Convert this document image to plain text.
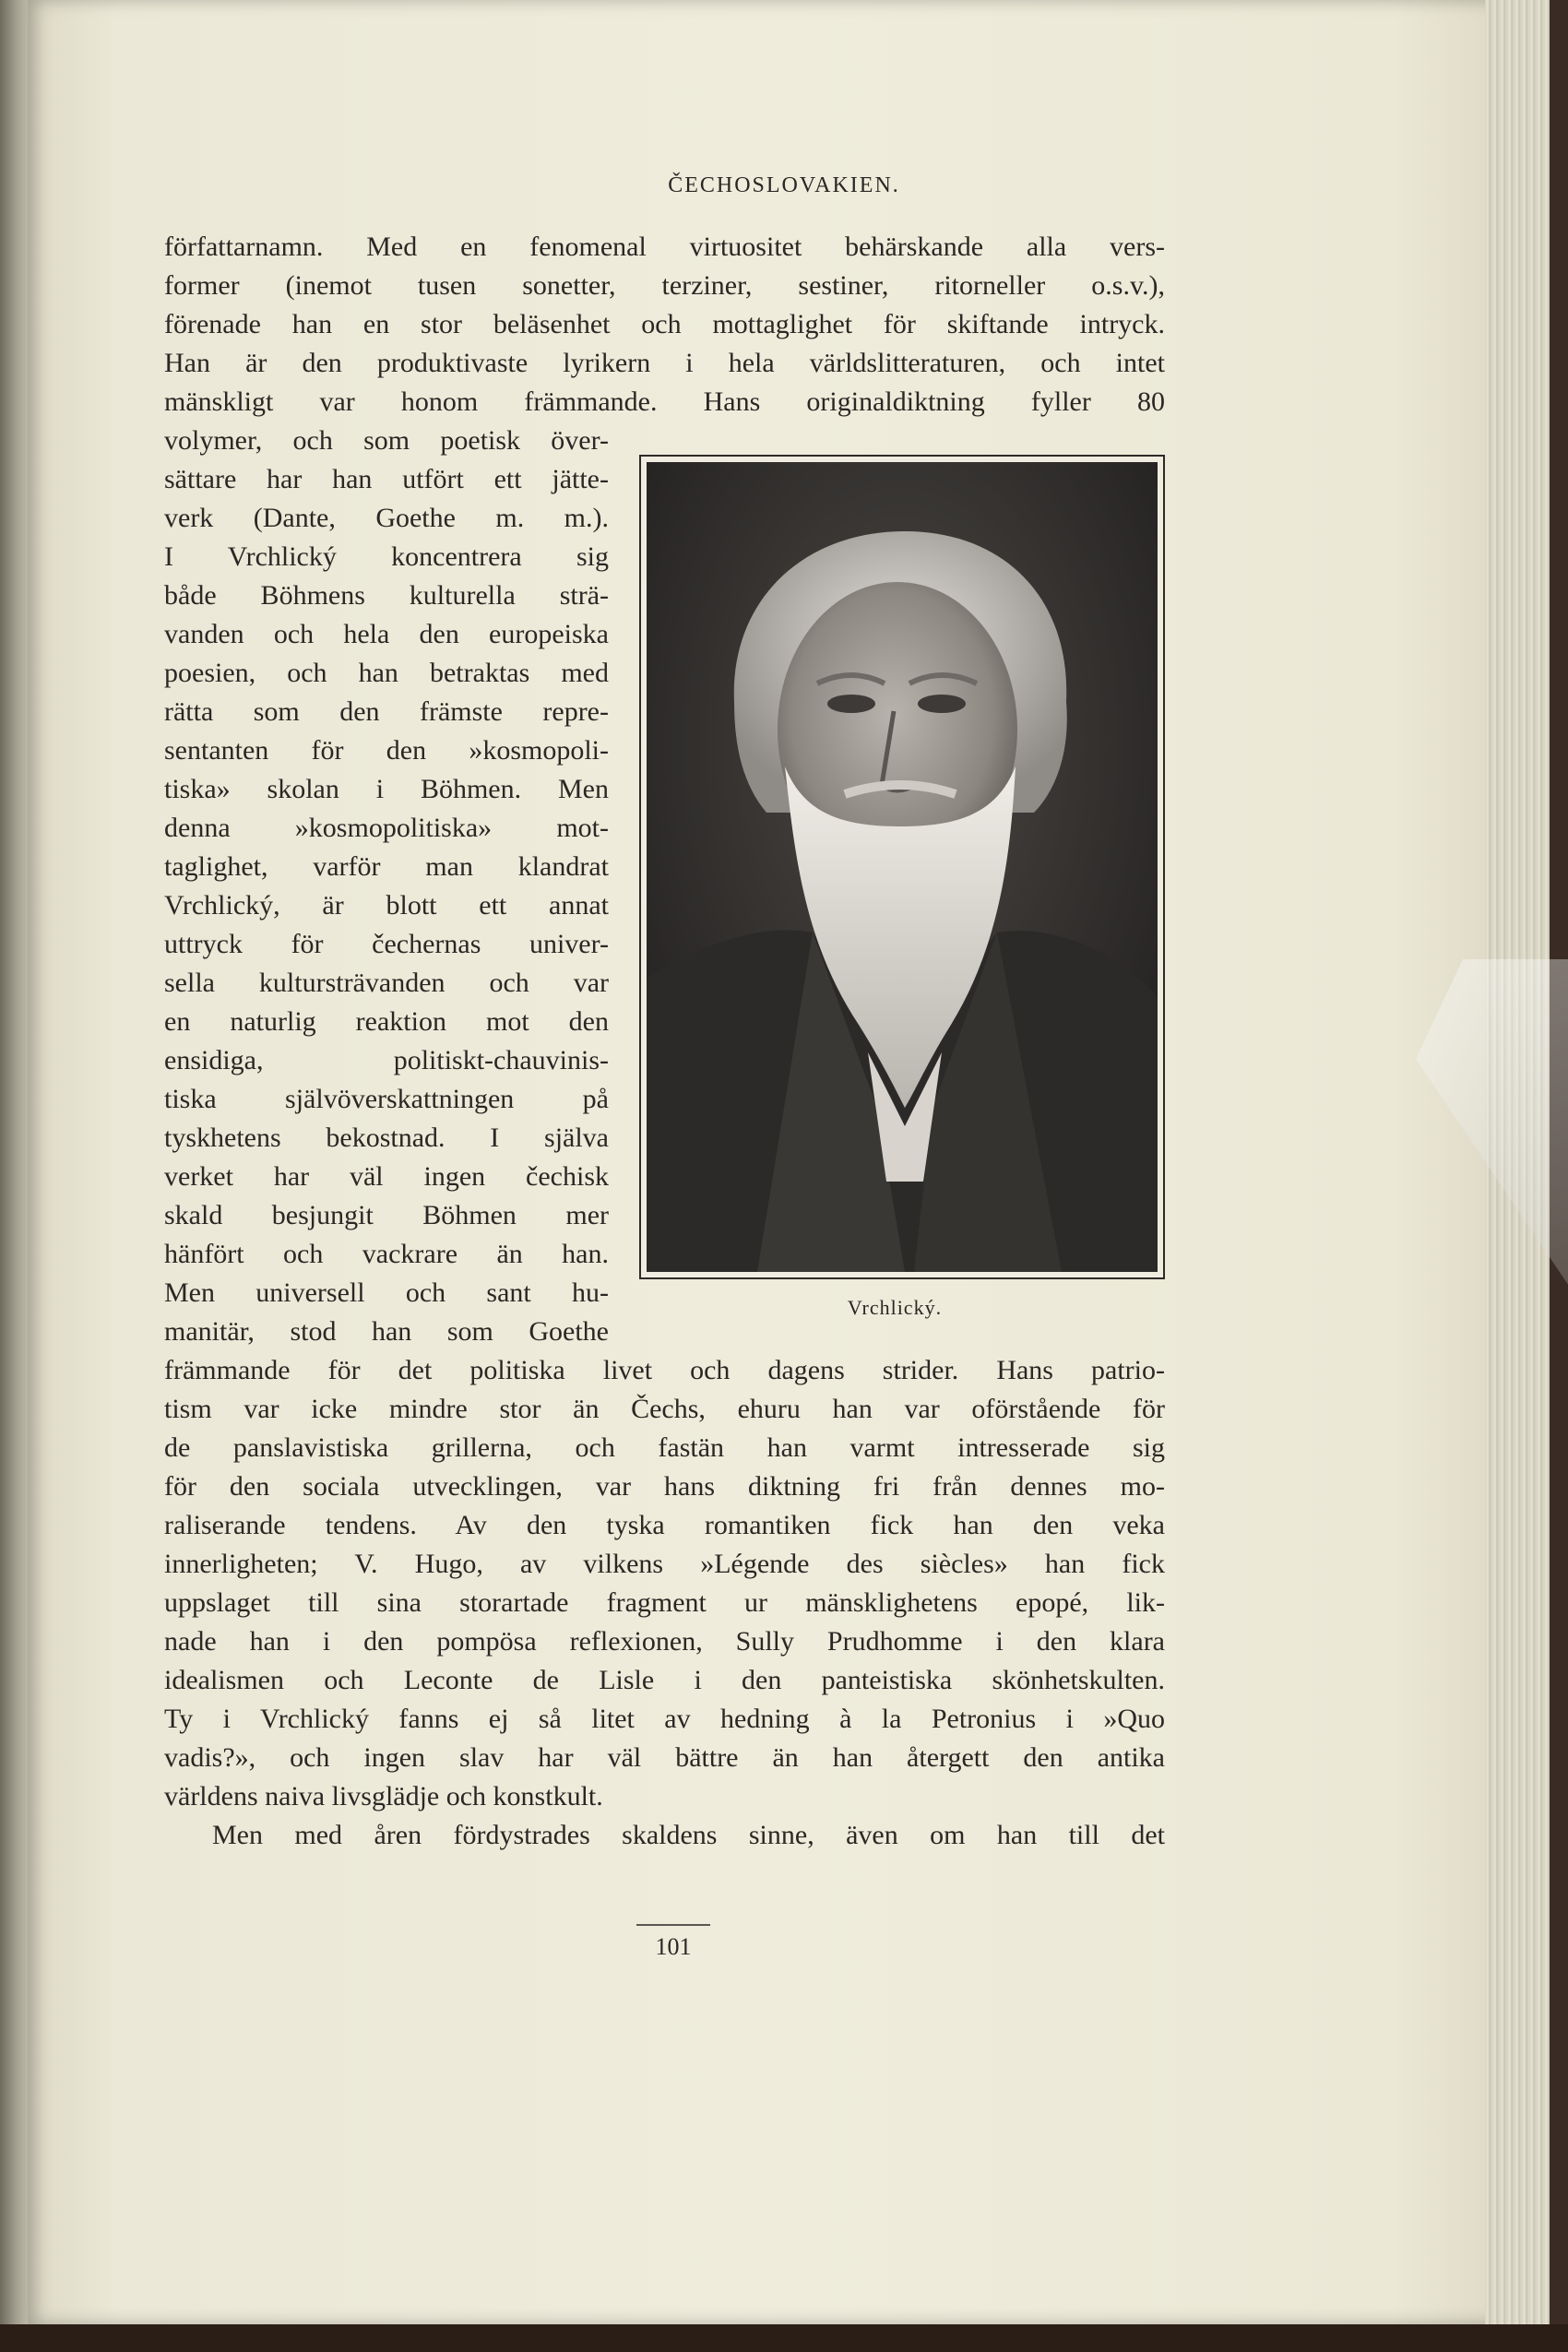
ČECHOSLOVAKIEN.
författarnamn. Med en fenomenal virtuositet behärskande alla vers-
former (inemot tusen sonetter, terziner, sestiner, ritorneller o.s.v.),
förenade han en stor beläsenhet och mottaglighet för skiftande intryck.
Han är den produktivaste lyrikern i hela världslitteraturen, och intet
mänskligt var honom främmande. Hans originaldiktning fyller 80
volymer, och som poetisk över-
sättare har han utfört ett jätte-
verk (Dante, Goethe m. m.).
I Vrchlický koncentrera sig
både Böhmens kulturella strä-
vanden och hela den europeiska
poesien, och han betraktas med
rätta som den främste repre-
sentanten för den »kosmopoli-
tiska» skolan i Böhmen. Men
denna »kosmopolitiska» mot-
taglighet, varför man klandrat
Vrchlický, är blott ett annat
uttryck för čechernas univer-
sella kultursträvanden och var
en naturlig reaktion mot den
ensidiga, politiskt-chauvinis-
tiska självöverskattningen på
tyskhetens bekostnad. I själva
verket har väl ingen čechisk
skald besjungit Böhmen mer
hänfört och vackrare än han.
Men universell och sant hu-
manitär, stod han som Goethe
Vrchlický.
främmande för det politiska livet och dagens strider. Hans patrio-
tism var icke mindre stor än Čechs, ehuru han var oförstående för
de panslavistiska grillerna, och fastän han varmt intresserade sig
för den sociala utvecklingen, var hans diktning fri från dennes mo-
raliserande tendens. Av den tyska romantiken fick han den veka
innerligheten; V. Hugo, av vilkens »Légende des siècles» han fick
uppslaget till sina storartade fragment ur mänsklighetens epopé, lik-
nade han i den pompösa reflexionen, Sully Prudhomme i den klara
idealismen och Leconte de Lisle i den panteistiska skönhetskulten.
Ty i Vrchlický fanns ej så litet av hedning à la Petronius i »Quo
vadis?», och ingen slav har väl bättre än han återgett den antika
världens naiva livsglädje och konstkult.
Men med åren fördystrades skaldens sinne, även om han till det
101
